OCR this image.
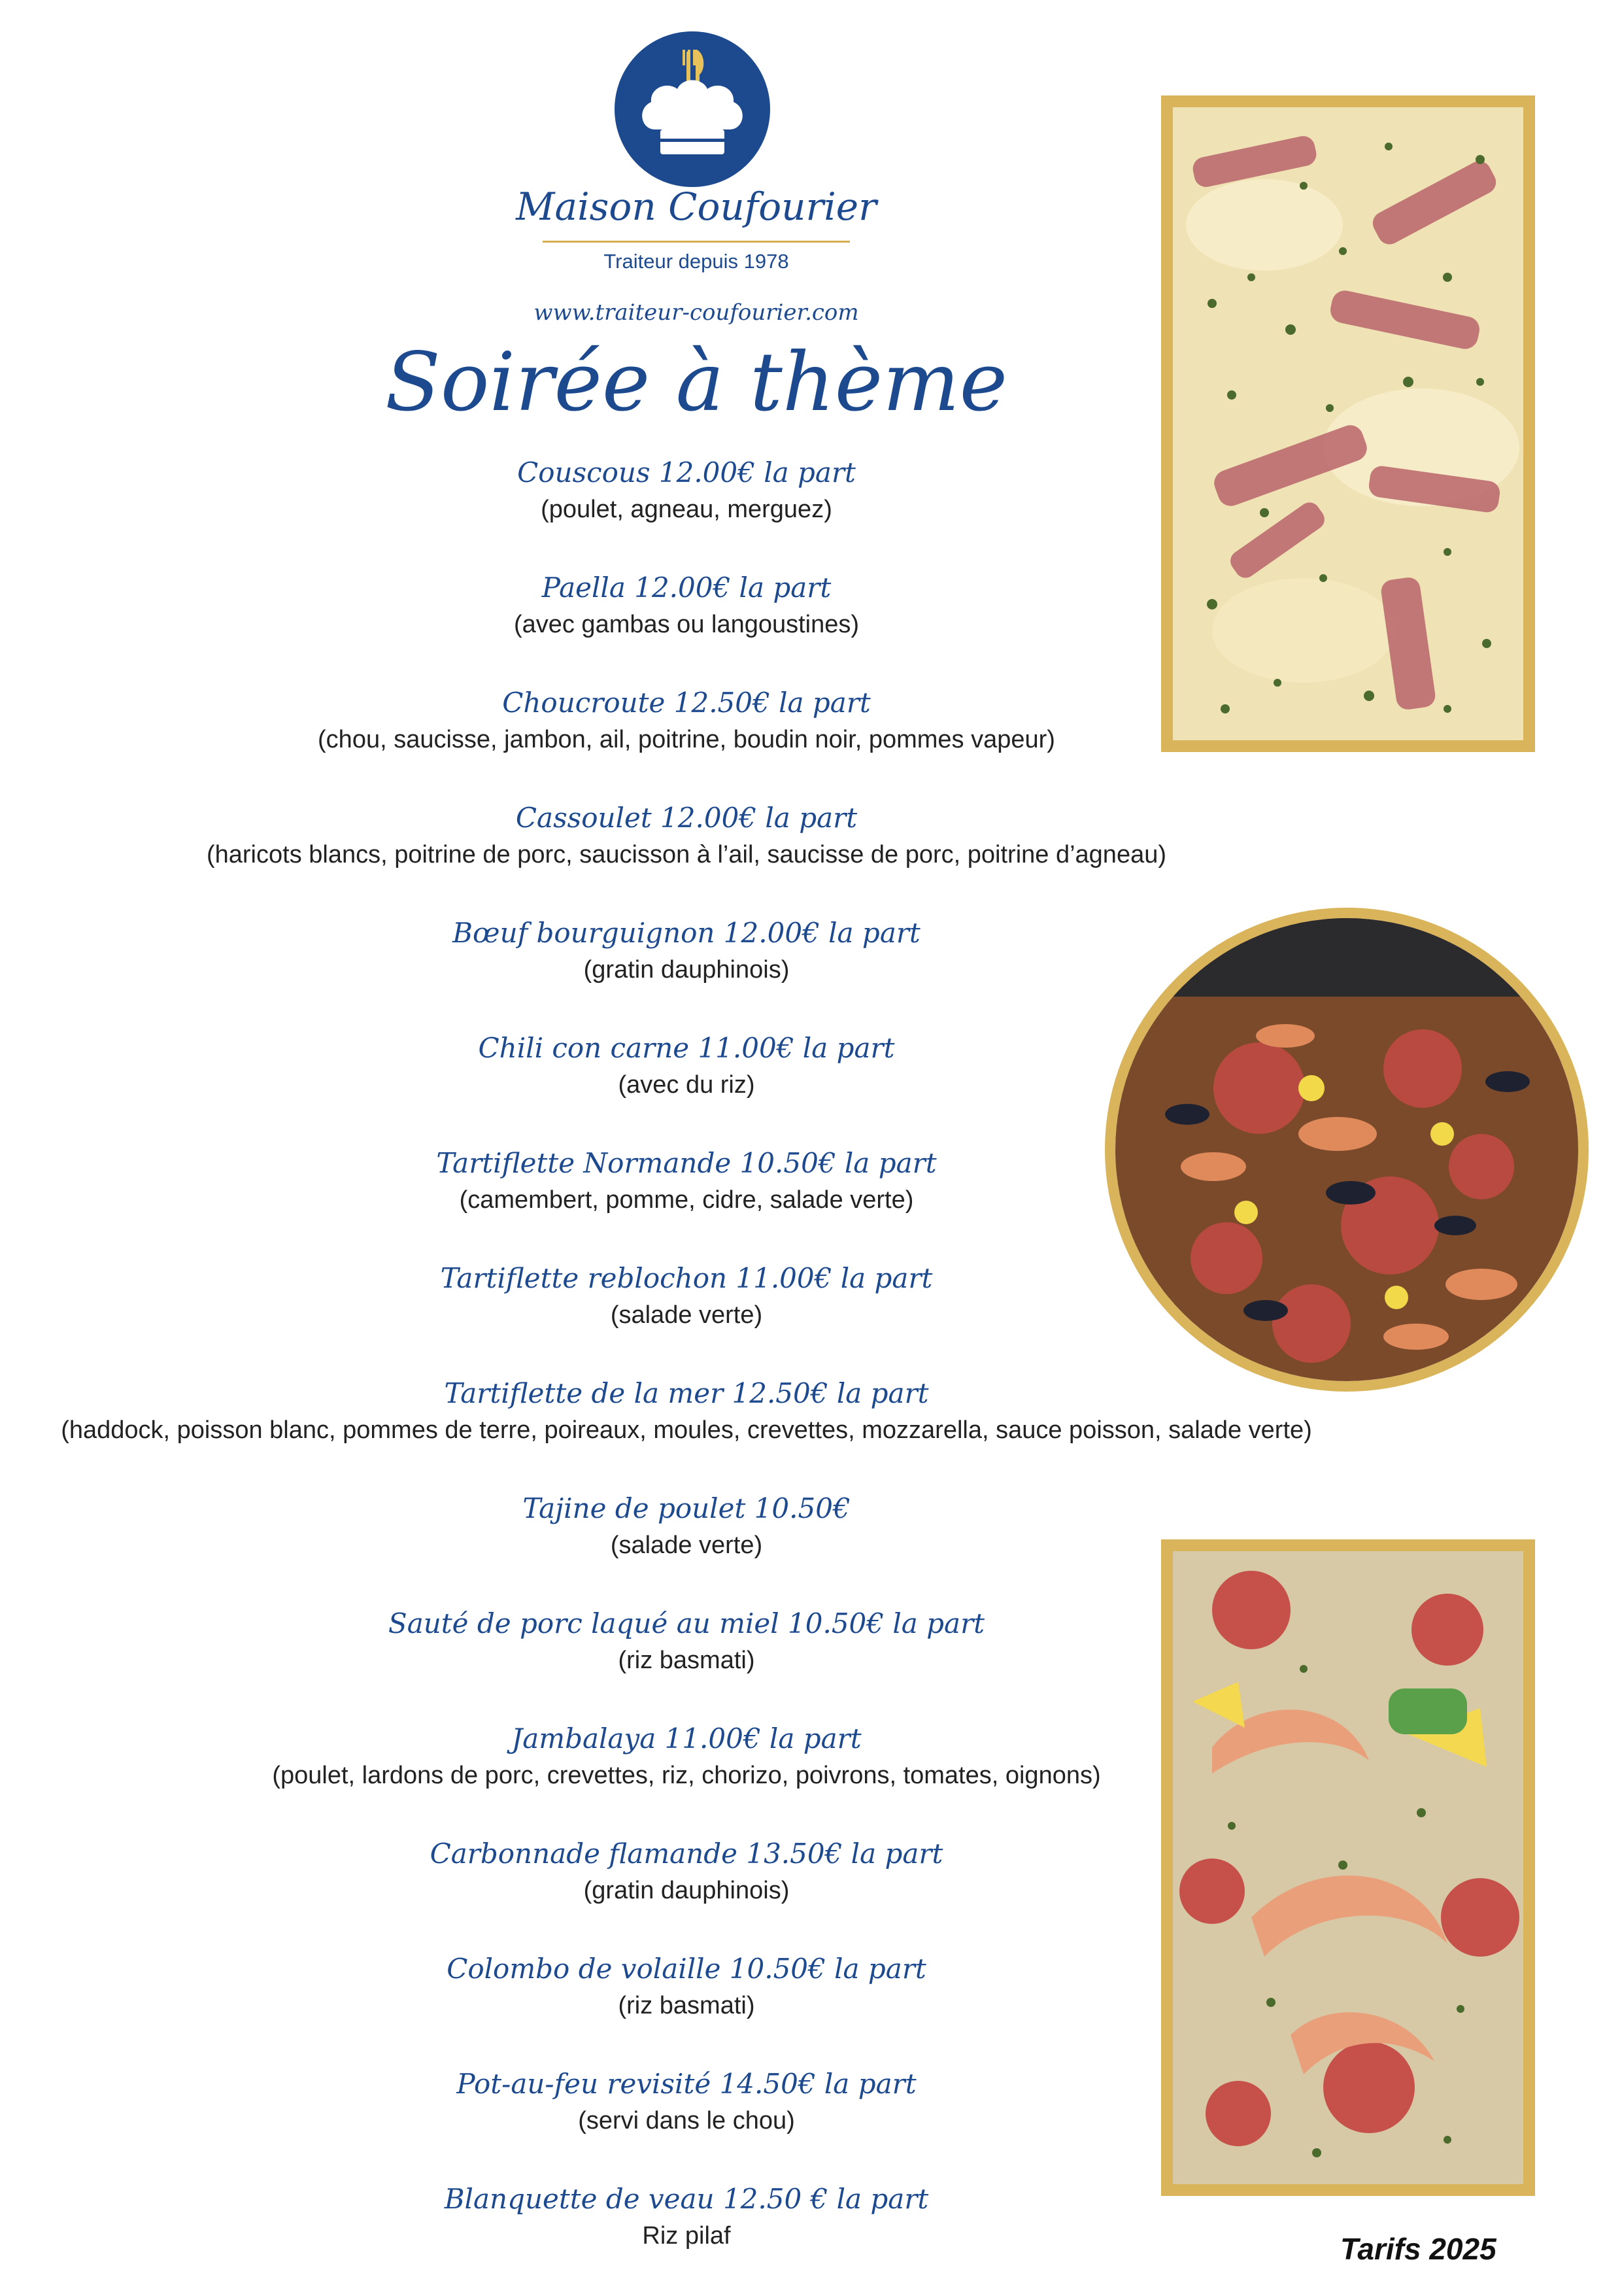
Maison Coufourier
Traiteur depuis 1978
www.traiteur-coufourier.com
Soirée à thème
Couscous 12.00€ la part
(poulet, agneau, merguez)
Paella 12.00€ la part
(avec gambas ou langoustines)
Choucroute 12.50€ la part
(chou, saucisse, jambon, ail, poitrine, boudin noir, pommes vapeur)
Cassoulet 12.00€ la part
(haricots blancs, poitrine de porc, saucisson à l’ail, saucisse de porc, poitrine d’agneau)
Bœuf bourguignon 12.00€ la part
(gratin dauphinois)
Chili con carne 11.00€ la part
(avec du riz)
Tartiflette Normande 10.50€ la part
(camembert, pomme, cidre, salade verte)
Tartiflette reblochon 11.00€ la part
(salade verte)
Tartiflette de la mer 12.50€ la part
(haddock, poisson blanc, pommes de terre, poireaux, moules, crevettes, mozzarella, sauce poisson, salade verte)
Tajine de poulet 10.50€
(salade verte)
Sauté de porc laqué au miel 10.50€ la part
(riz basmati)
Jambalaya 11.00€ la part
(poulet, lardons de porc, crevettes, riz, chorizo, poivrons, tomates, oignons)
Carbonnade flamande 13.50€ la part
(gratin dauphinois)
Colombo de volaille 10.50€ la part
(riz basmati)
Pot-au-feu revisité 14.50€ la part
(servi dans le chou)
Blanquette de veau 12.50 € la part
Riz pilaf	Tarifs 2025
